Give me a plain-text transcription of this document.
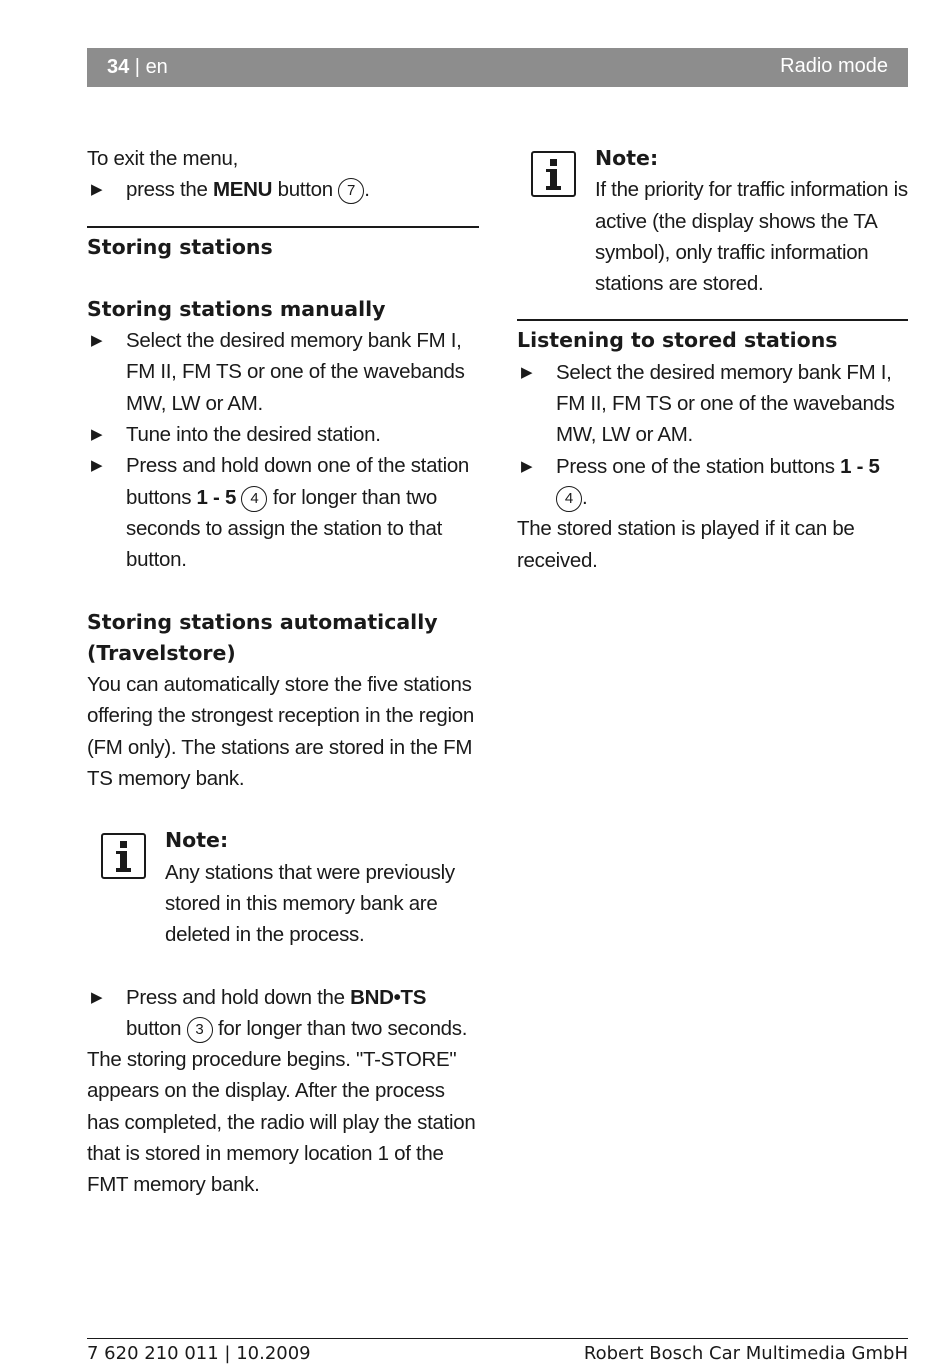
34 | en	Radio mode

To exit the menu,

▶ press the MENU button 7 .

Storing stations

Storing stations manually

▶ Select the desired memory bank FM I, FM II, FM TS or one of the wavebands MW, LW or AM.

▶ Tune into the desired station.

▶ Press and hold down one of the station buttons 1 - 5 4 for longer than two seconds to assign the station to that button.

Storing stations automatically (Travelstore)

You can automatically store the five stations offering the strongest reception in the region (FM only). The stations are stored in the FM TS memory bank.

Note:

Any stations that were previously stored in this memory bank are deleted in the process.

▶ Press and hold down the BND•TS button 3 for longer than two seconds.

The storing procedure begins. "T-STORE" appears on the display. After the process has completed, the radio will play the station that is stored in memory location 1 of the FMT memory bank.

Note:

If the priority for traffic information is active (the display shows the TA symbol), only traffic information stations are stored.

Listening to stored stations

▶ Select the desired memory bank FM I, FM II, FM TS or one of the wavebands MW, LW or AM.

▶ Press one of the station buttons 1 - 5 4 .

The stored station is played if it can be received.

7 620 210 011 | 10.2009	Robert Bosch Car Multimedia GmbH
